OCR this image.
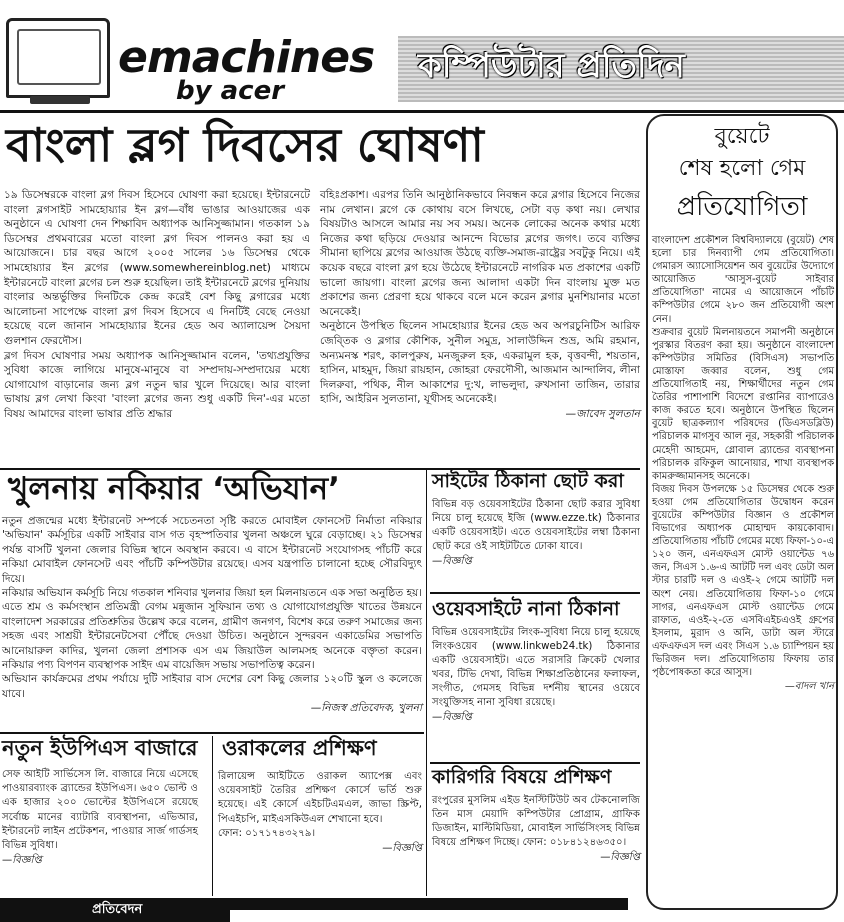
emachines
by acer
কম্পিউটার প্রতিদিন
বাংলা ব্লগ দিবসের ঘোষণা

১৯ ডিসেম্বরকে বাংলা ব্লগ দিবস হিসেবে ঘোষণা করা হয়েছে। ইন্টারনেটে বাংলা ব্লগসাইট সামহোয়্যার ইন ব্লগ—বাঁধ ভাঙার আওয়াজের এক অনুষ্ঠানে এ ঘোষণা দেন শিক্ষাবিদ অধ্যাপক আনিসুজ্জামান। গতকাল ১৯ ডিসেম্বর প্রথমবারের মতো বাংলা ব্লগ দিবস পালনও করা হয় এ আয়োজনে। চার বছর আগে ২০০৫ সালের ১৬ ডিসেম্বর থেকে সামহোয়্যার ইন ব্লগের (www.somewhereinblog.net) মাধ্যমে ইন্টারনেটে বাংলা ব্লগের চল শুরু হয়েছিল। তাই ইন্টারনেটে ব্লগের দুনিয়ায় বাংলার অন্তর্ভুক্তির দিনটিকে কেন্দ্র করেই বেশ কিছু ব্লগারের মধ্যে আলোচনা সাপেক্ষে বাংলা ব্লগ দিবস হিসেবে এ দিনটিই বেছে নেওয়া হয়েছে বলে জানান সামহোয়্যার ইনের হেড অব অ্যালায়েন্স সৈয়দা গুলশান ফেরদৌস।

ব্লগ দিবস ঘোষণার সময় অধ্যাপক আনিসুজ্জামান বলেন, 'তথ্যপ্রযুক্তির সুবিধা কাজে লাগিয়ে মানুষে-মানুষে বা সম্প্রদায়-সম্প্রদায়ের মধ্যে যোগাযোগ বাড়ানোর জন্য ব্লগ নতুন দ্বার খুলে দিয়েছে। আর বাংলা ভাষায় ব্লগ লেখা কিংবা 'বাংলা ব্লগের জন্য শুধু একটি দিন'-এর মতো বিষয় আমাদের বাংলা ভাষার প্রতি শ্রদ্ধার

বহিঃপ্রকাশ। এরপর তিনি আনুষ্ঠানিকভাবে নিবন্ধন করে ব্লগার হিসেবে নিজের নাম লেখান। ব্লগে কে কোথায় বসে লিখছে, সেটা বড় কথা নয়। লেখার বিষয়টাও আসলে আমার নয় সব সময়। অনেক লোকের অনেক কথার মধ্যে নিজের কথা ছড়িয়ে দেওয়ার আনন্দে বিভোর ব্লগের জগৎ। তবে ব্যক্তির সীমানা ছাপিয়ে ব্লগের আওয়াজ উঠছে ব্যক্তি-সমাজ-রাষ্ট্রের সবটুকু নিয়ে। এই কয়েক বছরে বাংলা ব্লগ হয়ে উঠেছে ইন্টারনেটে নাগরিক মত প্রকাশের একটি ভালো জায়গা। বাংলা ব্লগের জন্য আলাদা একটা দিন বাংলায় মুক্ত মত প্রকাশের জন্য প্রেরণা হয়ে থাকবে বলে মনে করেন ব্লগার মুনশিয়ানার মতো অনেকেই।

অনুষ্ঠানে উপস্থিত ছিলেন সামহোয়্যার ইনের হেড অব অপরচুনিটিস আরিফ জেব্তিক ও ব্লগার কৌশিক, সুনীল সমুদ্র, সালাউদ্দিন শুভ্র, অমি রহমান, অন্যমনস্ক শরৎ, কালপুরুষ, মনজুরুল হক, একরামুল হক, বৃত্তবন্দী, শয়তান, হাসিন, মাহমুদ, জিয়া রায়হান, জোহরা ফেরদৌসী, আজমান আন্দালিব, লীনা দিলরুবা, পথিক, নীল আকাশের দু:খ, লাভলুদা, রুখসানা তাজিন, তারার হাসি, আইরিন সুলতানা, যূথীসহ অনেকেই।

—জাবেদ সুলতান
খুলনায় নকিয়ার ‘অভিযান’

নতুন প্রজন্মের মধ্যে ইন্টারনেট সম্পর্কে সচেতনতা সৃষ্টি করতে মোবাইল ফোনসেট নির্মাতা নকিয়ার 'অভিযান' কর্মসূচির একটি সাইবার বাস গত বৃহস্পতিবার খুলনা অঞ্চলে ঘুরে বেড়াচ্ছে। ২১ ডিসেম্বর পর্যন্ত বাসটি খুলনা জেলার বিভিন্ন স্থানে অবস্থান করবে। এ বাসে ইন্টারনেট সংযোগসহ পাঁচটি করে নকিয়া মোবাইল ফোনসেট এবং পাঁচটি কম্পিউটার রয়েছে। এসব যন্ত্রপাতি চালানো হচ্ছে সৌরবিদ্যুৎ দিয়ে।

নকিয়ার অভিযান কর্মসূচি নিয়ে গতকাল শনিবার খুলনার জিয়া হল মিলনায়তনে এক সভা অনুষ্ঠিত হয়। এতে শ্রম ও কর্মসংস্থান প্রতিমন্ত্রী বেগম মন্নুজান সুফিয়ান তথ্য ও যোগাযোগপ্রযুক্তি খাতের উন্নয়নে বাংলাদেশ সরকারের প্রতিশ্রুতির উল্লেখ করে বলেন, গ্রামীণ জনগণ, বিশেষ করে তরুণ সমাজের জন্য সহজ এবং সাশ্রয়ী ইন্টারনেটসেবা পৌঁছে দেওয়া উচিত। অনুষ্ঠানে সুন্দরবন একাডেমির সভাপতি আনোয়ারুল কাদির, খুলনা জেলা প্রশাসক এস এম জিয়াউল আলমসহ অনেকে বক্তৃতা করেন। নকিয়ার পণ্য বিপণন ব্যবস্থাপক সাইদ এম বায়েজিদ সভায় সভাপতিত্ব করেন।

অভিযান কার্যক্রমের প্রথম পর্যায়ে দুটি সাইবার বাস দেশের বেশ কিছু জেলার ১২০টি স্কুল ও কলেজে যাবে।

—নিজস্ব প্রতিবেদক, খুলনা
নতুন ইউপিএস বাজারে

সেফ আইটি সার্ভিসেস লি. বাজারে নিয়ে এসেছে পাওয়ারব্যাংক ব্র্যান্ডের ইউপিএস। ৬৫০ ভোল্ট ও এক হাজার ২০০ ভোল্টের ইউপিএসে রয়েছে সর্বোচ্চ মানের ব্যাটারি ব্যবস্থাপনা, এভিআর, ইন্টারনেট লাইন প্রটেকশন, পাওয়ার সার্জ গার্ডসহ বিভিন্ন সুবিধা।

—বিজ্ঞপ্তি
ওরাকলের প্রশিক্ষণ

রিলায়েন্স আইটিতে ওরাকল অ্যাপেক্স এবং ওয়েবসাইট তৈরির প্রশিক্ষণ কোর্সে ভর্তি শুরু হয়েছে। এই কোর্সে এইচটিএমএল, জাভা স্ক্রিপ্ট, পিএইচপি, মাইএসকিউএল শেখানো হবে।

ফোন: ০১৭১৭৪৩২৭৯।

—বিজ্ঞপ্তি
সাইটের ঠিকানা ছোট করা

বিভিন্ন বড় ওয়েবসাইটের ঠিকানা ছোট করার সুবিধা নিয়ে চালু হয়েছে ইজি (www.ezze.tk) ঠিকানার একটি ওয়েবসাইট। এতে ওয়েবসাইটের লম্বা ঠিকানা ছোট করে ওই সাইটটিতে ঢোকা যাবে।

—বিজ্ঞপ্তি
ওয়েবসাইটে নানা ঠিকানা

বিভিন্ন ওয়েবসাইটের লিংক-সুবিধা নিয়ে চালু হয়েছে লিংকওয়েব (www.linkweb24.tk) ঠিকানার একটি ওয়েবসাইট। এতে সরাসরি ক্রিকেট খেলার খবর, টিভি দেখা, বিভিন্ন শিক্ষাপ্রতিষ্ঠানের ফলাফল, সংগীত, গেমসহ বিভিন্ন দর্শনীয় স্থানের ওয়েবে সংযুক্তিসহ নানা সুবিধা রয়েছে।

—বিজ্ঞপ্তি
কারিগরি বিষয়ে প্রশিক্ষণ

রংপুরের মুসলিম এইড ইনস্টিটিউট অব টেকনোলজি তিন মাস মেয়াদি কম্পিউটার প্রোগ্রাম, গ্রাফিক ডিজাইন, মাল্টিমিডিয়া, মোবাইল সার্ভিসিংসহ বিভিন্ন বিষয়ে প্রশিক্ষণ দিচ্ছে। ফোন: ০১৮৪১২৪৬৩৫০।

—বিজ্ঞপ্তি
বুয়েটে
শেষ হলো গেম
প্রতিযোগিতা

বাংলাদেশ প্রকৌশল বিশ্ববিদ্যালয়ে (বুয়েট) শেষ হলো চার দিনব্যাপী গেম প্রতিযোগিতা। গেমারস অ্যাসোসিয়েশন অব বুয়েটের উদ্যোগে আয়োজিত 'আসুস-বুয়েট সাইবার প্রতিযোগিতা' নামের এ আয়োজনে পাঁচটি কম্পিউটার গেমে ২৮০ জন প্রতিযোগী অংশ নেন।

শুক্রবার বুয়েট মিলনায়তনে সমাপনী অনুষ্ঠানে পুরস্কার বিতরণ করা হয়। অনুষ্ঠানে বাংলাদেশ কম্পিউটার সমিতির (বিসিএস) সভাপতি মোস্তাফা জব্বার বলেন, শুধু গেম প্রতিযোগিতাই নয়, শিক্ষার্থীদের নতুন গেম তৈরির পাশাপাশি বিদেশে রপ্তানির ব্যাপারেও কাজ করতে হবে। অনুষ্ঠানে উপস্থিত ছিলেন বুয়েট ছাত্রকল্যাণ পরিষদের (ডিএসডব্লিউ) পরিচালক মাগসুব আল নূর, সহকারী পরিচালক মেহেদী আহমেদ, গ্লোবাল ব্র্যান্ডের ব্যবস্থাপনা পরিচালক রফিকুল আনোয়ার, শাখা ব্যবস্থাপক কামরুজ্জামানসহ অনেকে।

বিজয় দিবস উপলক্ষে ১৫ ডিসেম্বর থেকে শুরু হওয়া গেম প্রতিযোগিতার উদ্বোধন করেন বুয়েটের কম্পিউটার বিজ্ঞান ও প্রকৌশল বিভাগের অধ্যাপক মোহাম্মদ কায়কোবাদ। প্রতিযোগিতায় পাঁচটি গেমের মধ্যে ফিফা-১০-এ ১২০ জন, এনএফএস মোস্ট ওয়ান্টেড ৭৬ জন, সিএস ১.৬-এ আটটি দল এবং ডেটা অল স্টার চারটি দল ও এওই-২ গেমে আটটি দল অংশ নেয়। প্রতিযোগিতায় ফিফা-১০ গেমে সাগর, এনএফএস মোস্ট ওয়ান্টেড গেমে রাফাত, এওই-২-তে এসবিএইচএওই গ্রুপের ইসলাম, মুরাদ ও অনি, ডাটা অল স্টারে এফএফএস দল এবং সিএস ১.৬ চ্যাম্পিয়ন হয় ভিরিজন দল। প্রতিযোগিতায় ফিফায় তার পৃষ্ঠপোষকতা করে আসুস।

—বাদল খান
প্রতিবেদন
